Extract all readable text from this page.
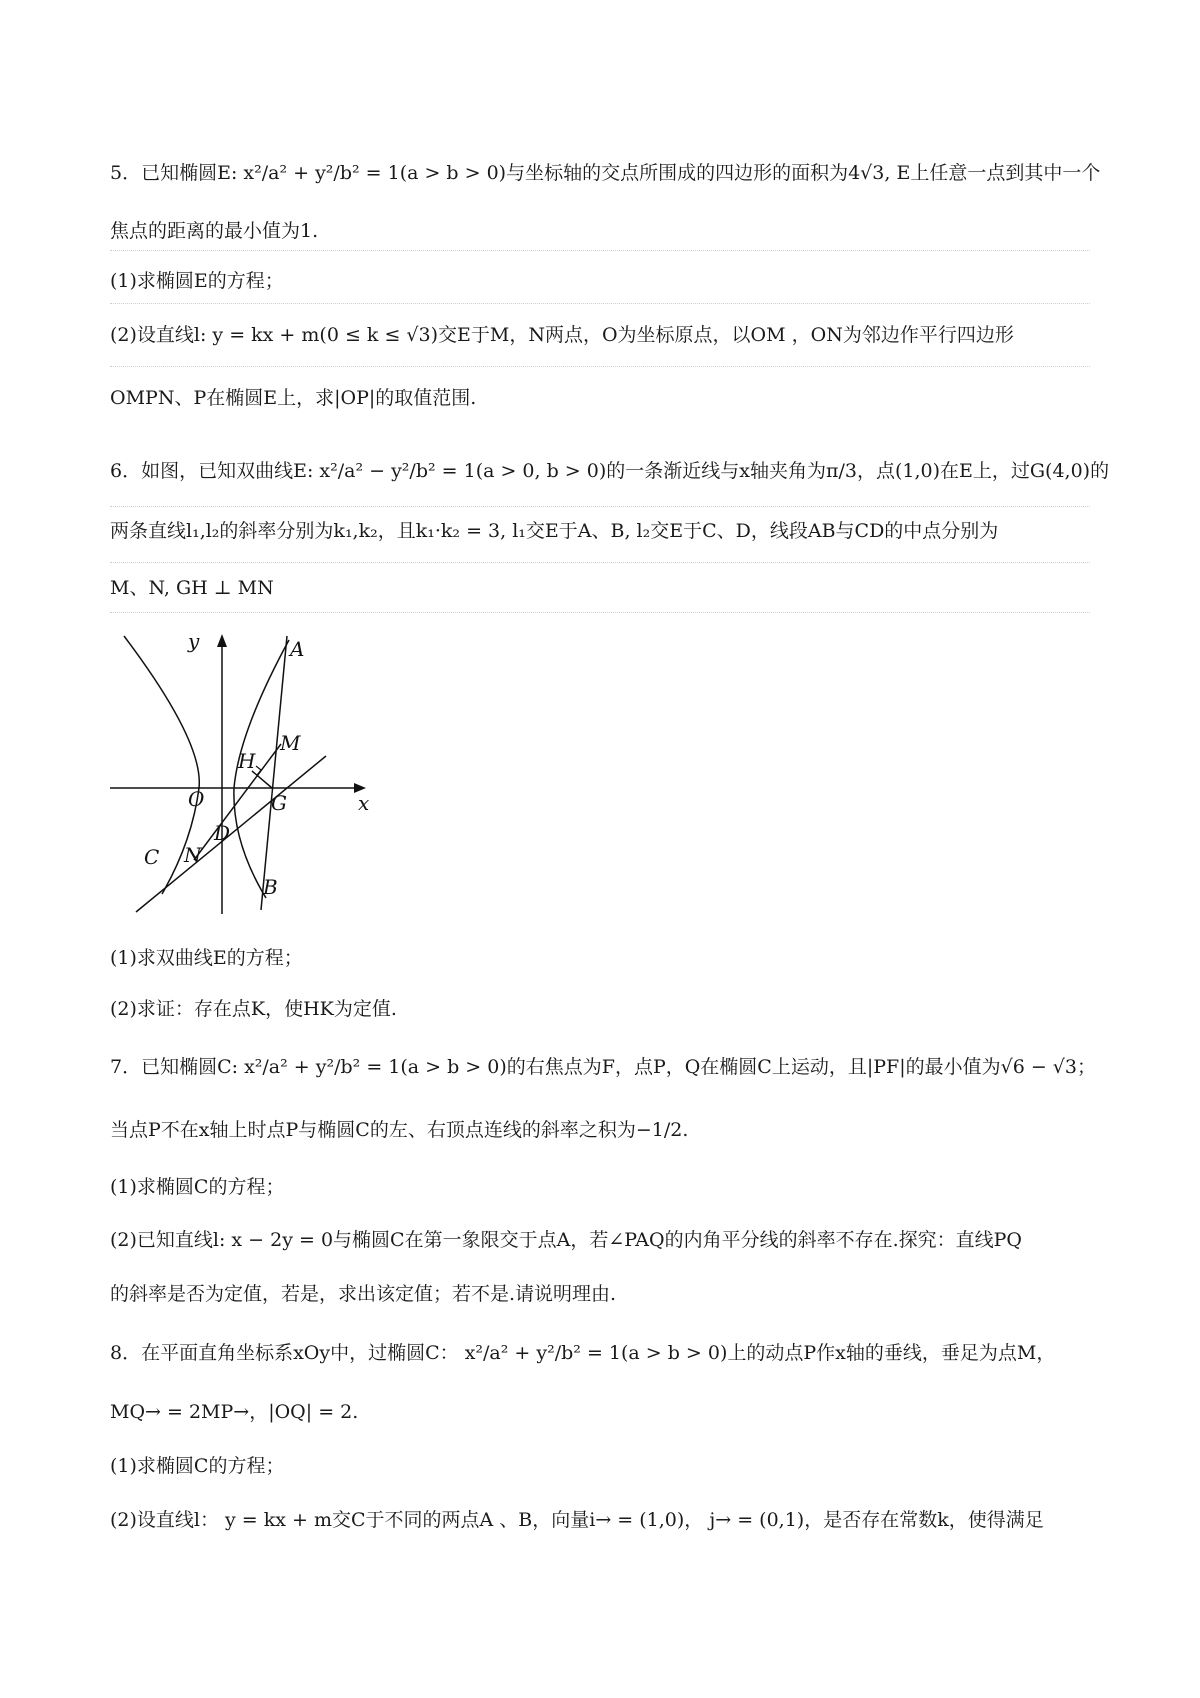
5．已知椭圆E: x²/a² + y²/b² = 1(a > b > 0)与坐标轴的交点所围成的四边形的面积为4√3, E上任意一点到其中一个
焦点的距离的最小值为1.
(1)求椭圆E的方程；
(2)设直线l: y = kx + m(0 ≤ k ≤ √3)交E于M，N两点，O为坐标原点，以OM ，ON为邻边作平行四边形
OMPN、P在椭圆E上，求|OP|的取值范围.
6．如图，已知双曲线E: x²/a² − y²/b² = 1(a > 0, b > 0)的一条渐近线与x轴夹角为π/3，点(1,0)在E上，过G(4,0)的
两条直线l₁,l₂的斜率分别为k₁,k₂，且k₁·k₂ = 3, l₁交E于A、B, l₂交E于C、D，线段AB与CD的中点分别为
M、N, GH ⊥ MN
y
x
A
M
H
O	G
D
C N
B
(1)求双曲线E的方程；
(2)求证：存在点K，使HK为定值.
7．已知椭圆C: x²/a² + y²/b² = 1(a > b > 0)的右焦点为F，点P，Q在椭圆C上运动，且|PF|的最小值为√6 − √3；
当点P不在x轴上时点P与椭圆C的左、右顶点连线的斜率之积为−1/2.
(1)求椭圆C的方程；
(2)已知直线l: x − 2y = 0与椭圆C在第一象限交于点A，若∠PAQ的内角平分线的斜率不存在.探究：直线PQ
的斜率是否为定值，若是，求出该定值；若不是.请说明理由.
8．在平面直角坐标系xOy中，过椭圆C： x²/a² + y²/b² = 1(a > b > 0)上的动点P作x轴的垂线，垂足为点M，
MQ→ = 2MP→，|OQ| = 2.
(1)求椭圆C的方程；
(2)设直线l： y = kx + m交C于不同的两点A 、B，向量i→ = (1,0)， j→ = (0,1)，是否存在常数k，使得满足
